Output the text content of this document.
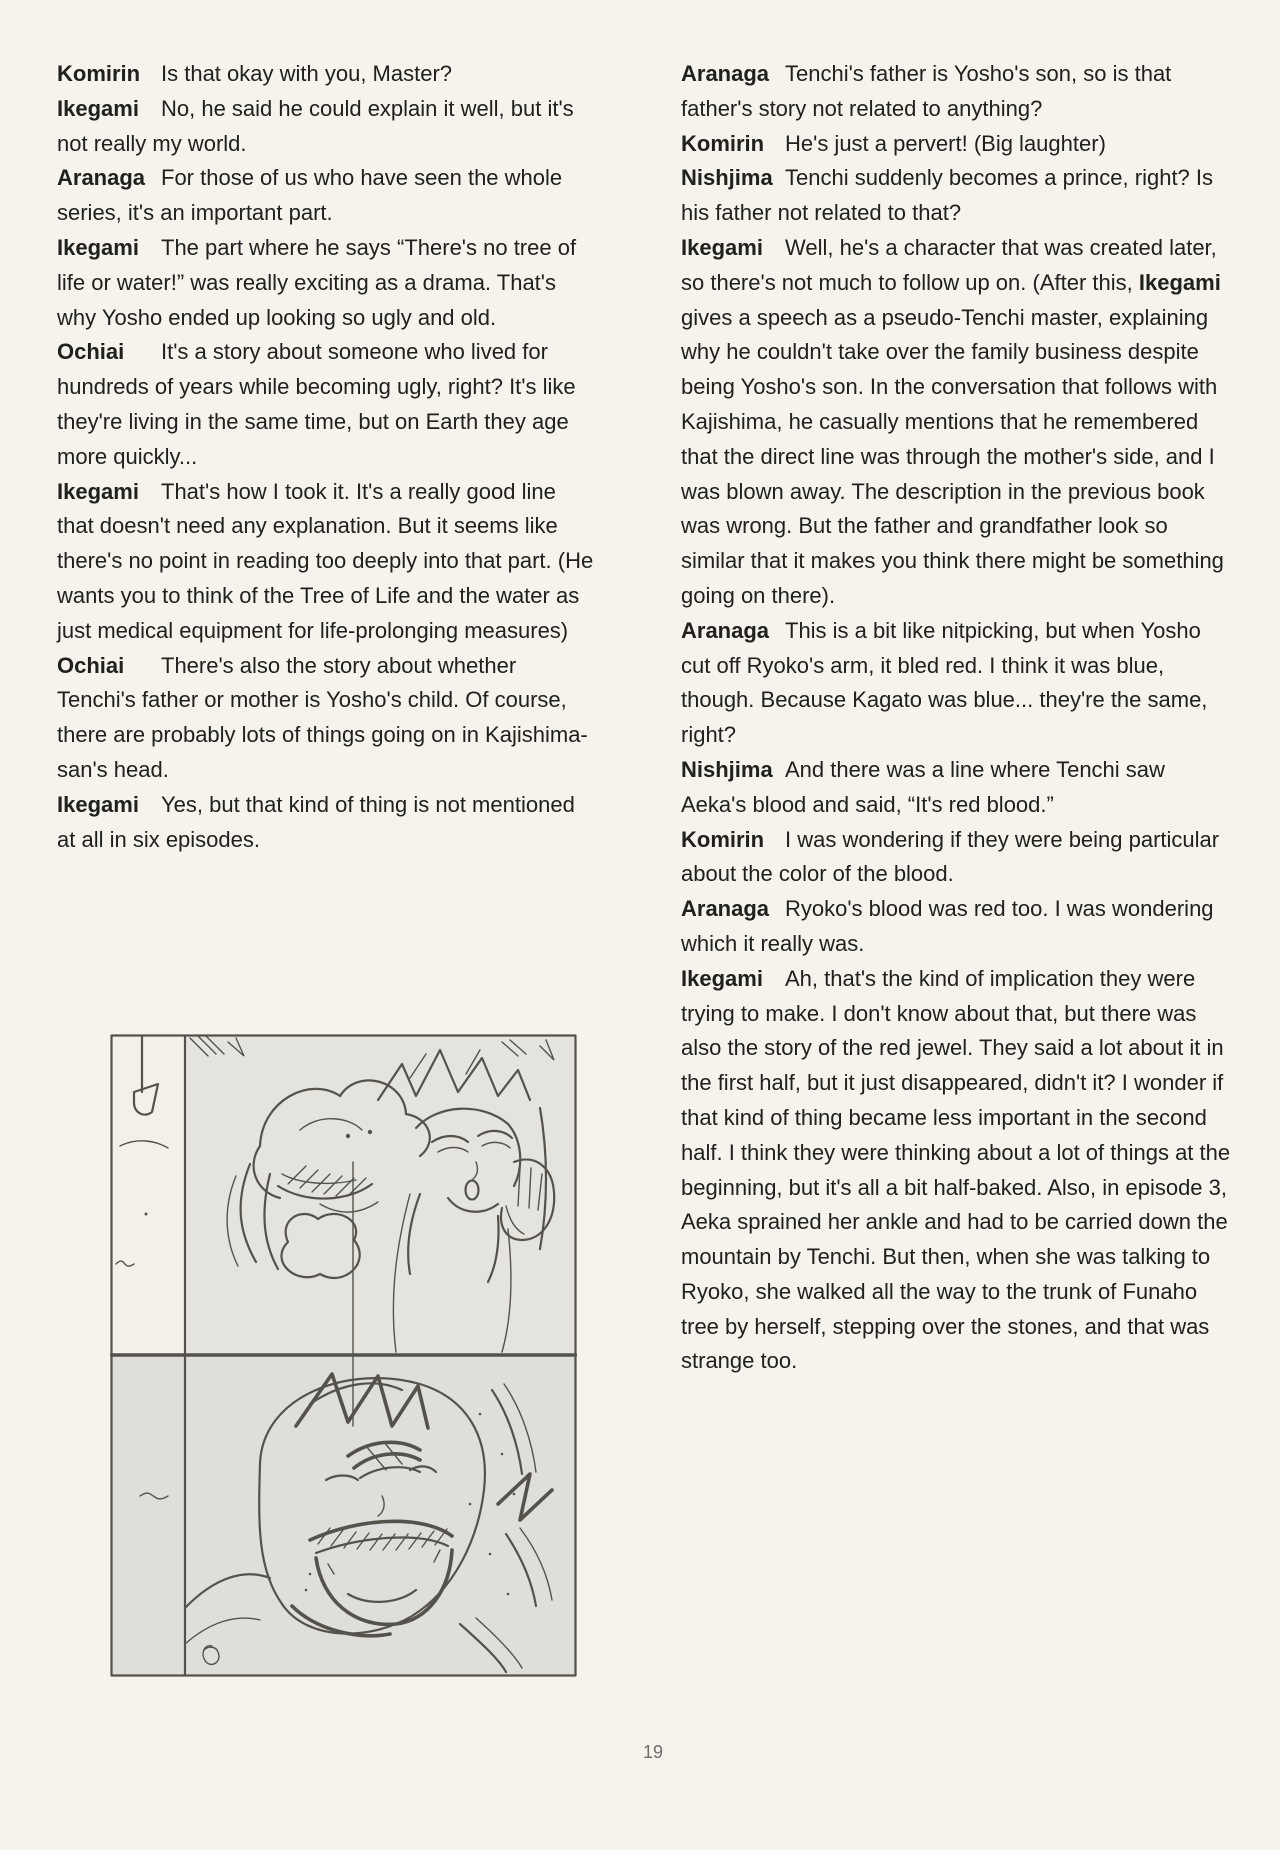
Komirin Is that okay with you, Master?

Ikegami No, he said he could explain it well, but it's not really my world.

Aranaga For those of us who have seen the whole series, it's an important part.

Ikegami The part where he says “There's no tree of life or water!” was really exciting as a drama. That's why Yosho ended up looking so ugly and old.

Ochiai It's a story about someone who lived for hundreds of years while becoming ugly, right? It's like they're living in the same time, but on Earth they age more quickly...

Ikegami That's how I took it. It's a really good line that doesn't need any explanation. But it seems like there's no point in reading too deeply into that part. (He wants you to think of the Tree of Life and the water as just medical equipment for life-prolonging measures)

Ochiai There's also the story about whether Tenchi's father or mother is Yosho's child. Of course, there are probably lots of things going on in Kajishima-san's head.

Ikegami Yes, but that kind of thing is not mentioned at all in six episodes.

Aranaga Tenchi's father is Yosho's son, so is that father's story not related to anything?

Komirin He's just a pervert! (Big laughter)

Nishjima Tenchi suddenly becomes a prince, right? Is his father not related to that?

Ikegami Well, he's a character that was created later, so there's not much to follow up on. (After this, Ikegami gives a speech as a pseudo-Tenchi master, explaining why he couldn't take over the family business despite being Yosho's son. In the conversation that follows with Kajishima, he casually mentions that he remembered that the direct line was through the mother's side, and I was blown away. The description in the previous book was wrong. But the father and grandfather look so similar that it makes you think there might be something going on there).

Aranaga This is a bit like nitpicking, but when Yosho cut off Ryoko's arm, it bled red. I think it was blue, though. Because Kagato was blue... they're the same, right?

Nishjima And there was a line where Tenchi saw Aeka's blood and said, “It's red blood.”

Komirin I was wondering if they were being particular about the color of the blood.

Aranaga Ryoko's blood was red too. I was wondering which it really was.

Ikegami Ah, that's the kind of implication they were trying to make. I don't know about that, but there was also the story of the red jewel. They said a lot about it in the first half, but it just disappeared, didn't it? I wonder if that kind of thing became less important in the second half. I think they were thinking about a lot of things at the beginning, but it's all a bit half-baked. Also, in episode 3, Aeka sprained her ankle and had to be carried down the mountain by Tenchi. But then, when she was talking to Ryoko, she walked all the way to the trunk of Funaho tree by herself, stepping over the stones, and that was strange too.

19
